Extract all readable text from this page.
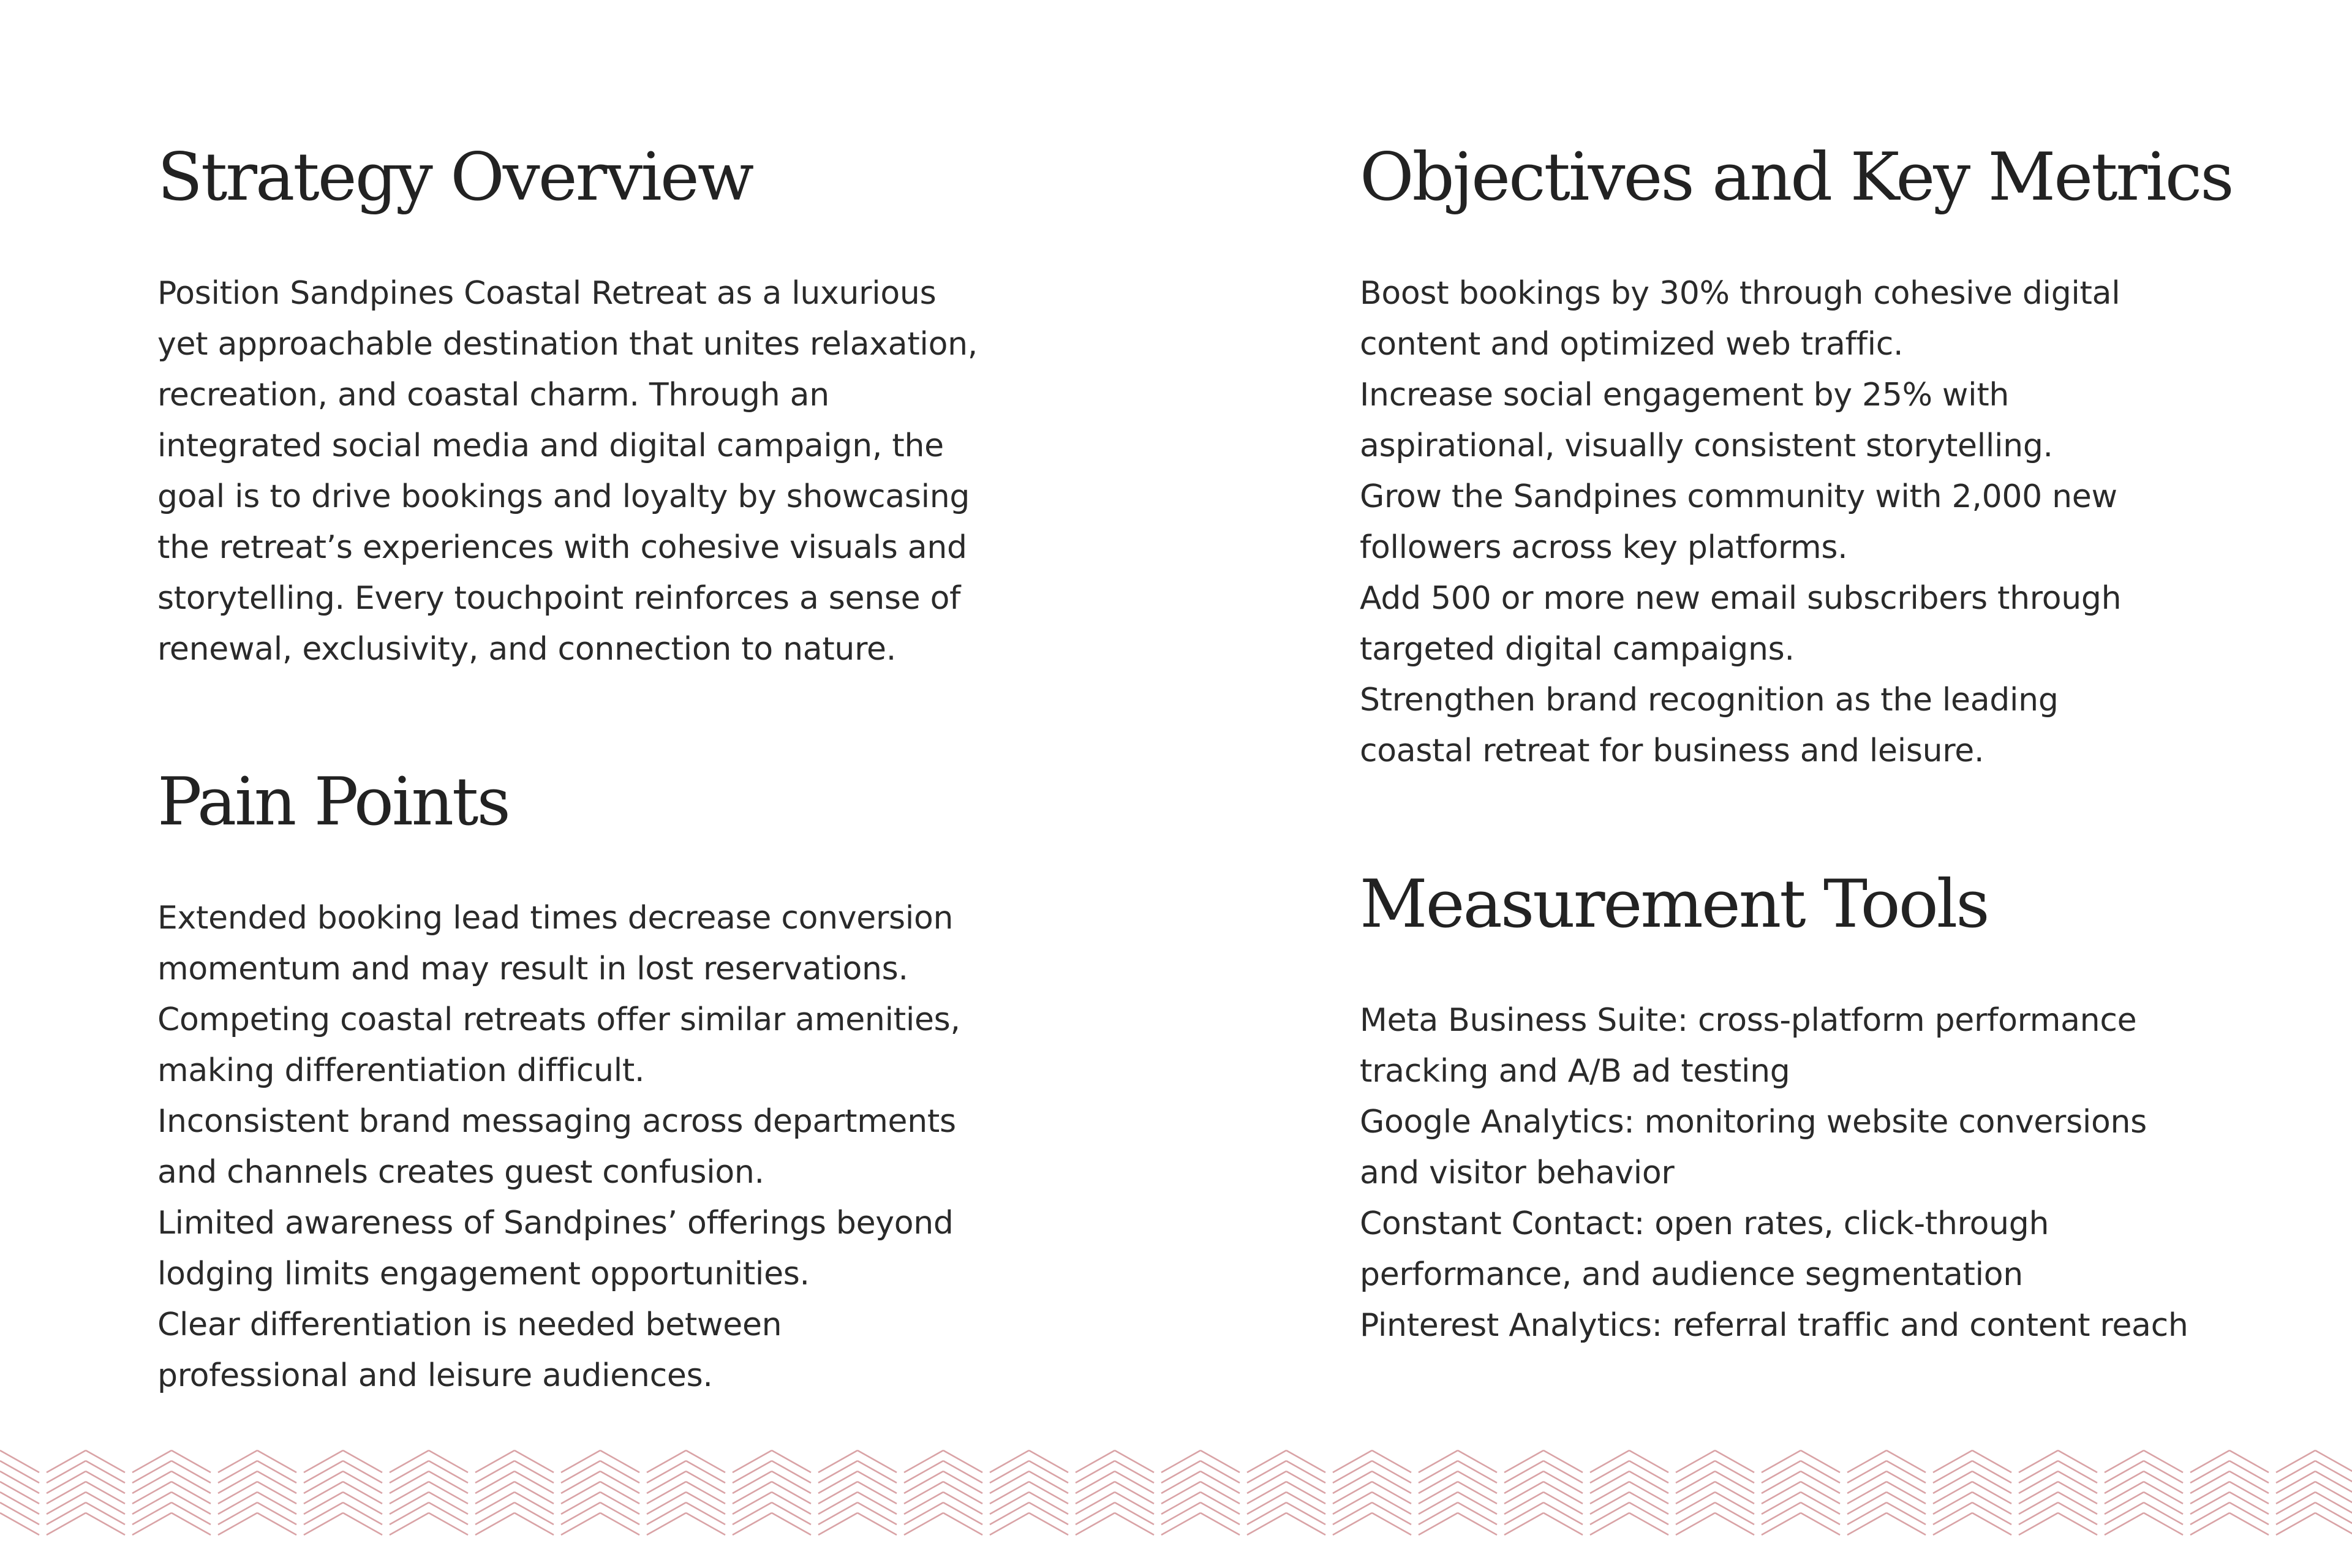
Strategy Overview
Position Sandpines Coastal Retreat as a luxurious
yet approachable destination that unites relaxation,
recreation, and coastal charm. Through an
integrated social media and digital campaign, the
goal is to drive bookings and loyalty by showcasing
the retreat’s experiences with cohesive visuals and
storytelling. Every touchpoint reinforces a sense of
renewal, exclusivity, and connection to nature.
Pain Points
Extended booking lead times decrease conversion
momentum and may result in lost reservations.
Competing coastal retreats offer similar amenities,
making differentiation difficult.
Inconsistent brand messaging across departments
and channels creates guest confusion.
Limited awareness of Sandpines’ offerings beyond
lodging limits engagement opportunities.
Clear differentiation is needed between
professional and leisure audiences.
Objectives and Key Metrics
Boost bookings by 30% through cohesive digital
content and optimized web traffic.
Increase social engagement by 25% with
aspirational, visually consistent storytelling.
Grow the Sandpines community with 2,000 new
followers across key platforms.
Add 500 or more new email subscribers through
targeted digital campaigns.
Strengthen brand recognition as the leading
coastal retreat for business and leisure.
Measurement Tools
Meta Business Suite: cross-platform performance
tracking and A/B ad testing
Google Analytics: monitoring website conversions
and visitor behavior
Constant Contact: open rates, click-through
performance, and audience segmentation
Pinterest Analytics: referral traffic and content reach
